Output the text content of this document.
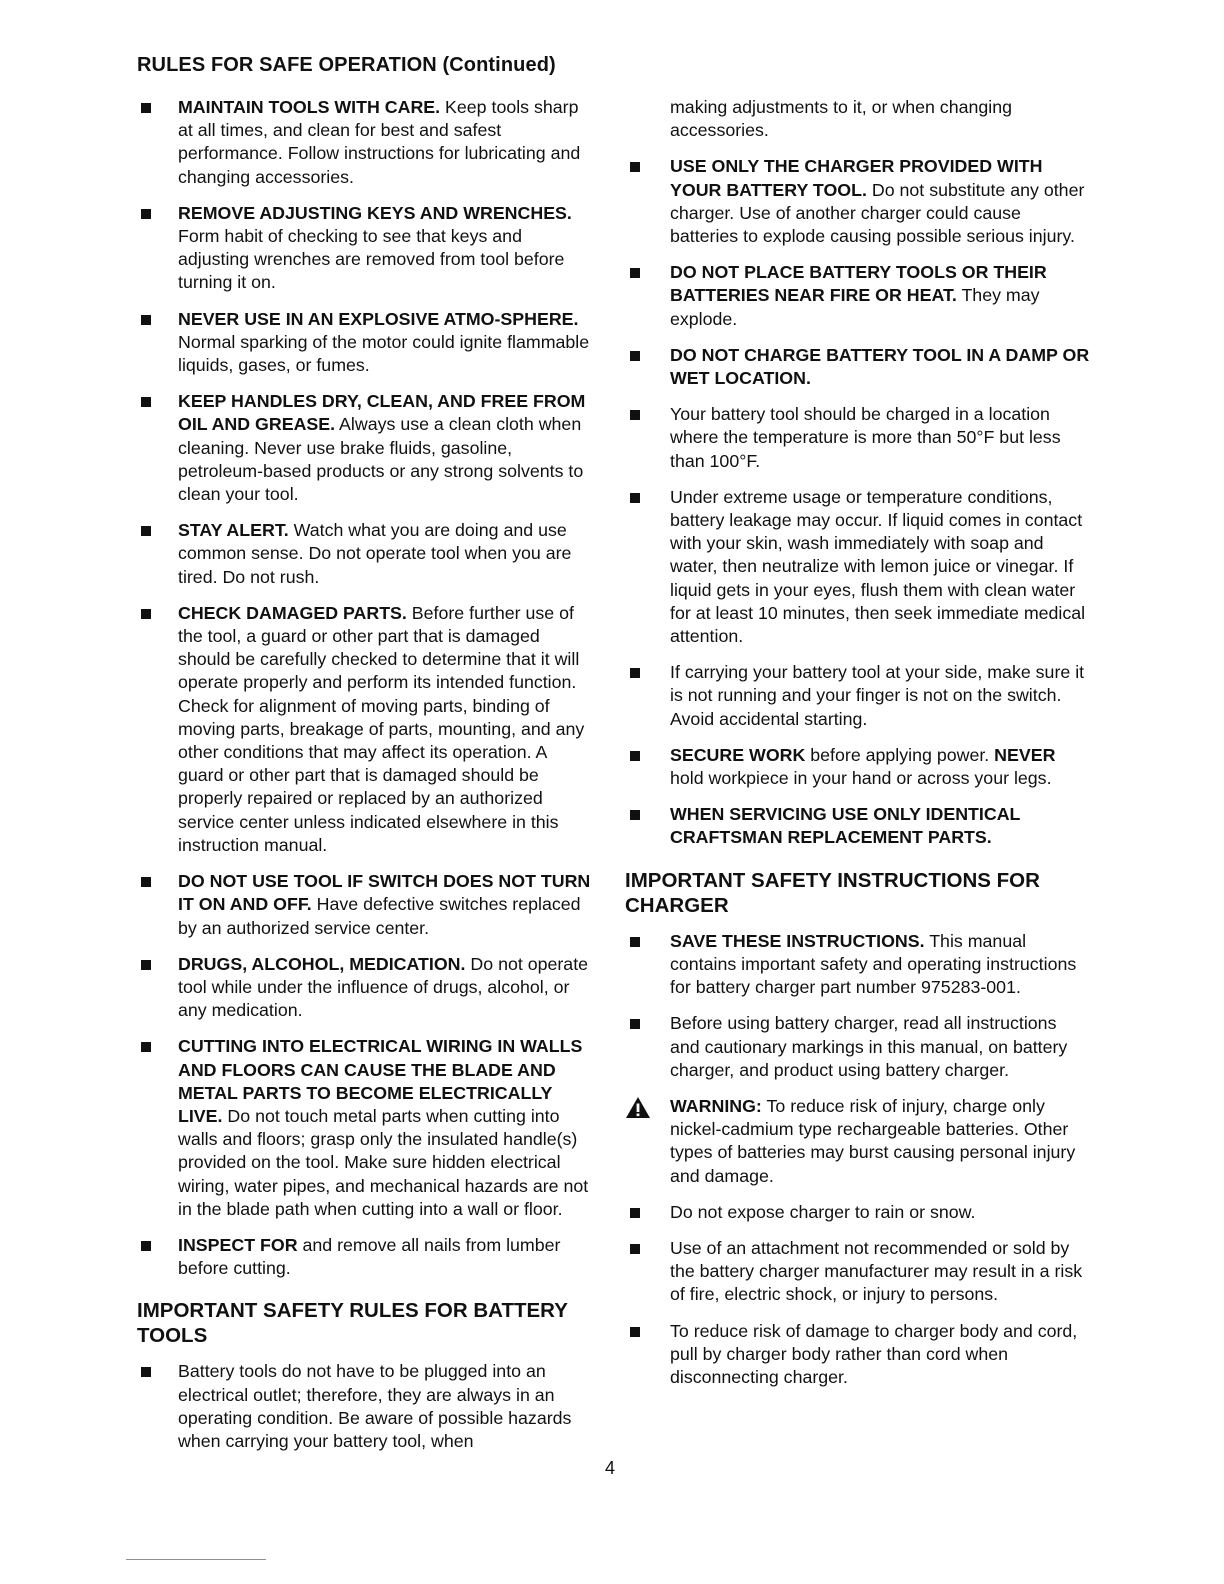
RULES FOR SAFE OPERATION (Continued)

MAINTAIN TOOLS WITH CARE. Keep tools sharp at all times, and clean for best and safest performance. Follow instructions for lubricating and changing accessories.

REMOVE ADJUSTING KEYS AND WRENCHES. Form habit of checking to see that keys and adjusting wrenches are removed from tool before turning it on.

NEVER USE IN AN EXPLOSIVE ATMO-SPHERE. Normal sparking of the motor could ignite flammable liquids, gases, or fumes.

KEEP HANDLES DRY, CLEAN, AND FREE FROM OIL AND GREASE. Always use a clean cloth when cleaning. Never use brake fluids, gasoline, petroleum-based products or any strong solvents to clean your tool.

STAY ALERT. Watch what you are doing and use common sense. Do not operate tool when you are tired. Do not rush.

CHECK DAMAGED PARTS. Before further use of the tool, a guard or other part that is damaged should be carefully checked to determine that it will operate properly and perform its intended function. Check for alignment of moving parts, binding of moving parts, breakage of parts, mounting, and any other conditions that may affect its operation. A guard or other part that is damaged should be properly repaired or replaced by an authorized service center unless indicated elsewhere in this instruction manual.

DO NOT USE TOOL IF SWITCH DOES NOT TURN IT ON AND OFF. Have defective switches replaced by an authorized service center.

DRUGS, ALCOHOL, MEDICATION. Do not operate tool while under the influence of drugs, alcohol, or any medication.

CUTTING INTO ELECTRICAL WIRING IN WALLS AND FLOORS CAN CAUSE THE BLADE AND METAL PARTS TO BECOME ELECTRICALLY LIVE. Do not touch metal parts when cutting into walls and floors; grasp only the insulated handle(s) provided on the tool. Make sure hidden electrical wiring, water pipes, and mechanical hazards are not in the blade path when cutting into a wall or floor.

INSPECT FOR and remove all nails from lumber before cutting.

IMPORTANT SAFETY RULES FOR BATTERY TOOLS

Battery tools do not have to be plugged into an electrical outlet; therefore, they are always in an operating condition. Be aware of possible hazards when carrying your battery tool, when

making adjustments to it, or when changing accessories.

USE ONLY THE CHARGER PROVIDED WITH YOUR BATTERY TOOL. Do not substitute any other charger. Use of another charger could cause batteries to explode causing possible serious injury.

DO NOT PLACE BATTERY TOOLS OR THEIR BATTERIES NEAR FIRE OR HEAT. They may explode.

DO NOT CHARGE BATTERY TOOL IN A DAMP OR WET LOCATION.

Your battery tool should be charged in a location where the temperature is more than 50°F but less than 100°F.

Under extreme usage or temperature conditions, battery leakage may occur. If liquid comes in contact with your skin, wash immediately with soap and water, then neutralize with lemon juice or vinegar. If liquid gets in your eyes, flush them with clean water for at least 10 minutes, then seek immediate medical attention.

If carrying your battery tool at your side, make sure it is not running and your finger is not on the switch. Avoid accidental starting.

SECURE WORK before applying power. NEVER hold workpiece in your hand or across your legs.

WHEN SERVICING USE ONLY IDENTICAL CRAFTSMAN REPLACEMENT PARTS.

IMPORTANT SAFETY INSTRUCTIONS FOR CHARGER

SAVE THESE INSTRUCTIONS. This manual contains important safety and operating instructions for battery charger part number 975283-001.

Before using battery charger, read all instructions and cautionary markings in this manual, on battery charger, and product using battery charger.

WARNING: To reduce risk of injury, charge only nickel-cadmium type rechargeable batteries. Other types of batteries may burst causing personal injury and damage.

Do not expose charger to rain or snow.

Use of an attachment not recommended or sold by the battery charger manufacturer may result in a risk of fire, electric shock, or injury to persons.

To reduce risk of damage to charger body and cord, pull by charger body rather than cord when disconnecting charger.

4
